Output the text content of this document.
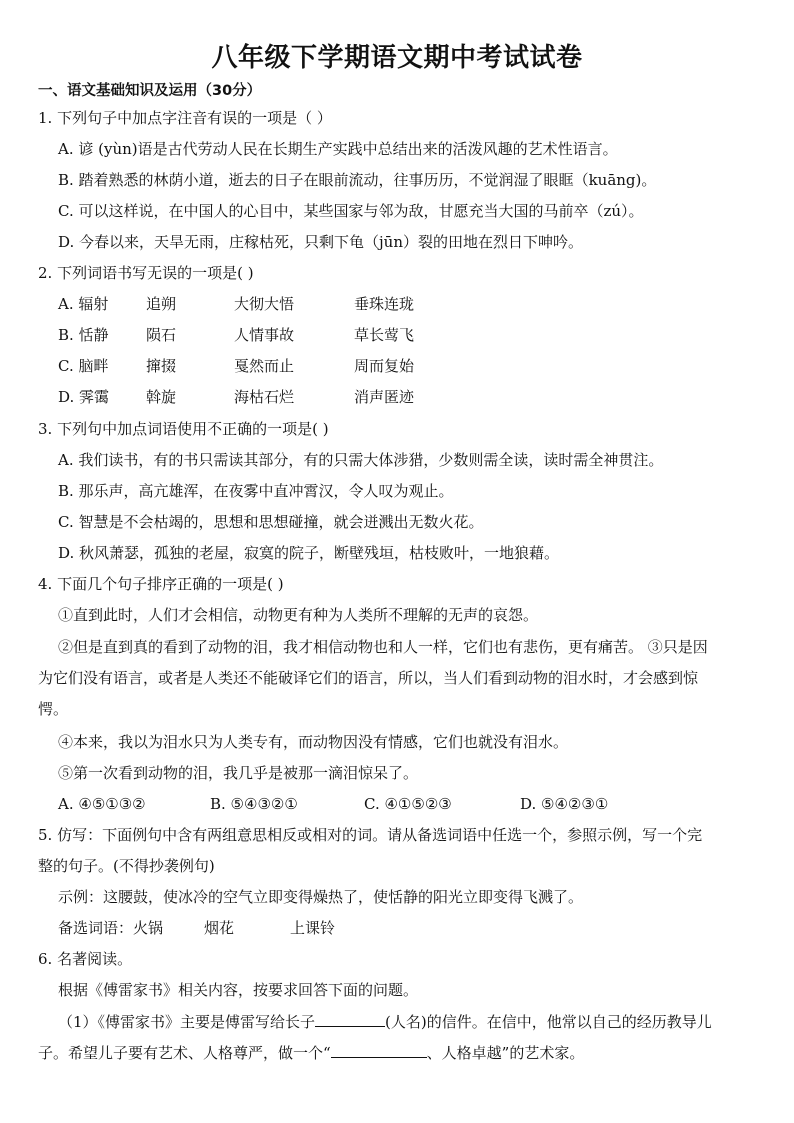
八年级下学期语文期中考试试卷
一、语文基础知识及运用（30分）
1. 下列句子中加点字注音有误的一项是（ ）
A. 谚 (yùn)语是古代劳动人民在长期生产实践中总结出来的活泼风趣的艺术性语言。
B. 踏着熟悉的林荫小道，逝去的日子在眼前流动，往事历历，不觉润湿了眼眶（kuāng)。
C. 可以这样说，在中国人的心目中，某些国家与邻为敌，甘愿充当大国的马前卒（zú）。
D. 今春以来，天旱无雨，庄稼枯死，只剩下龟（jūn）裂的田地在烈日下呻吟。
2. 下列词语书写无误的一项是( )
A. 辐射	追朔	大彻大悟	垂珠连珑
B. 恬静 陨石	人情事故	草长莺飞
C. 脑畔	撺掇	戛然而止	周而复始
D. 霁霭 斡旋	海枯石烂	消声匿迹
3. 下列句中加点词语使用不正确的一项是( )
A. 我们读书，有的书只需读其部分，有的只需大体涉猎，少数则需全读，读时需全神贯注。
B. 那乐声，高亢雄浑，在夜雾中直冲霄汉，令人叹为观止。
C. 智慧是不会枯竭的，思想和思想碰撞，就会迸溅出无数火花。
D. 秋风萧瑟，孤独的老屋，寂寞的院子，断壁残垣，枯枝败叶，一地狼藉。
4. 下面几个句子排序正确的一项是( )
①直到此时，人们才会相信，动物更有种为人类所不理解的无声的哀怨。
②但是直到真的看到了动物的泪，我才相信动物也和人一样，它们也有悲伤，更有痛苦。 ③只是因
为它们没有语言，或者是人类还不能破译它们的语言，所以，当人们看到动物的泪水时，才会感到惊
愕。
④本来，我以为泪水只为人类专有，而动物因没有情感，它们也就没有泪水。
⑤第一次看到动物的泪，我几乎是被那一滴泪惊呆了。
A. ④⑤①③②	B. ⑤④③②①	C. ④①⑤②③	D. ⑤④②③①
5. 仿写：下面例句中含有两组意思相反或相对的词。请从备选词语中任选一个，参照示例，写一个完
整的句子。(不得抄袭例句)
示例：这腰鼓，使冰冷的空气立即变得燥热了，使恬静的阳光立即变得飞溅了。
备选词语：火锅	烟花	上课铃
6. 名著阅读。
根据《傅雷家书》相关内容，按要求回答下面的问题。
（1）《傅雷家书》主要是傅雷写给长子	(人名)的信件。在信中，他常以自己的经历教导儿
子。希望儿子要有艺术、人格尊严，做一个“	、人格卓越”的艺术家。
